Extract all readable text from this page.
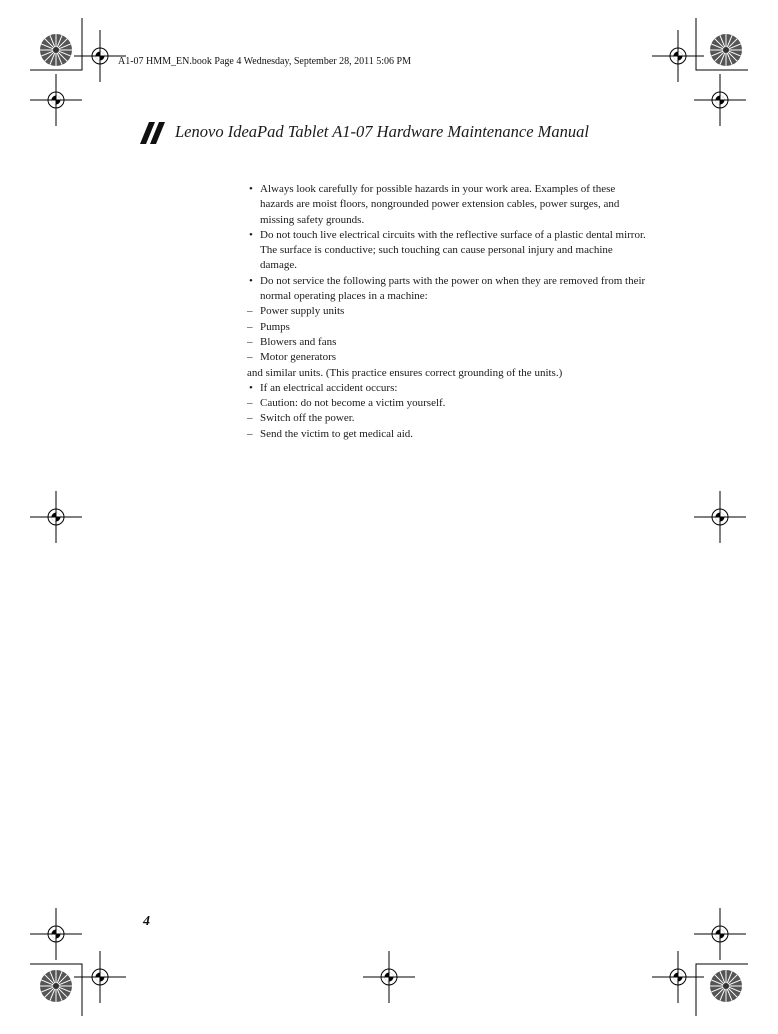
A1-07 HMM_EN.book Page 4 Wednesday, September 28, 2011 5:06 PM
Lenovo IdeaPad Tablet A1-07 Hardware Maintenance Manual
• Always look carefully for possible hazards in your work area. Examples of these hazards are moist floors, nongrounded power extension cables, power surges, and missing safety grounds.
• Do not touch live electrical circuits with the reflective surface of a plastic dental mirror. The surface is conductive; such touching can cause personal injury and machine damage.
• Do not service the following parts with the power on when they are removed from their normal operating places in a machine:
– Power supply units
– Pumps
– Blowers and fans
– Motor generators
and similar units. (This practice ensures correct grounding of the units.)
• If an electrical accident occurs:
– Caution: do not become a victim yourself.
– Switch off the power.
– Send the victim to get medical aid.
4
